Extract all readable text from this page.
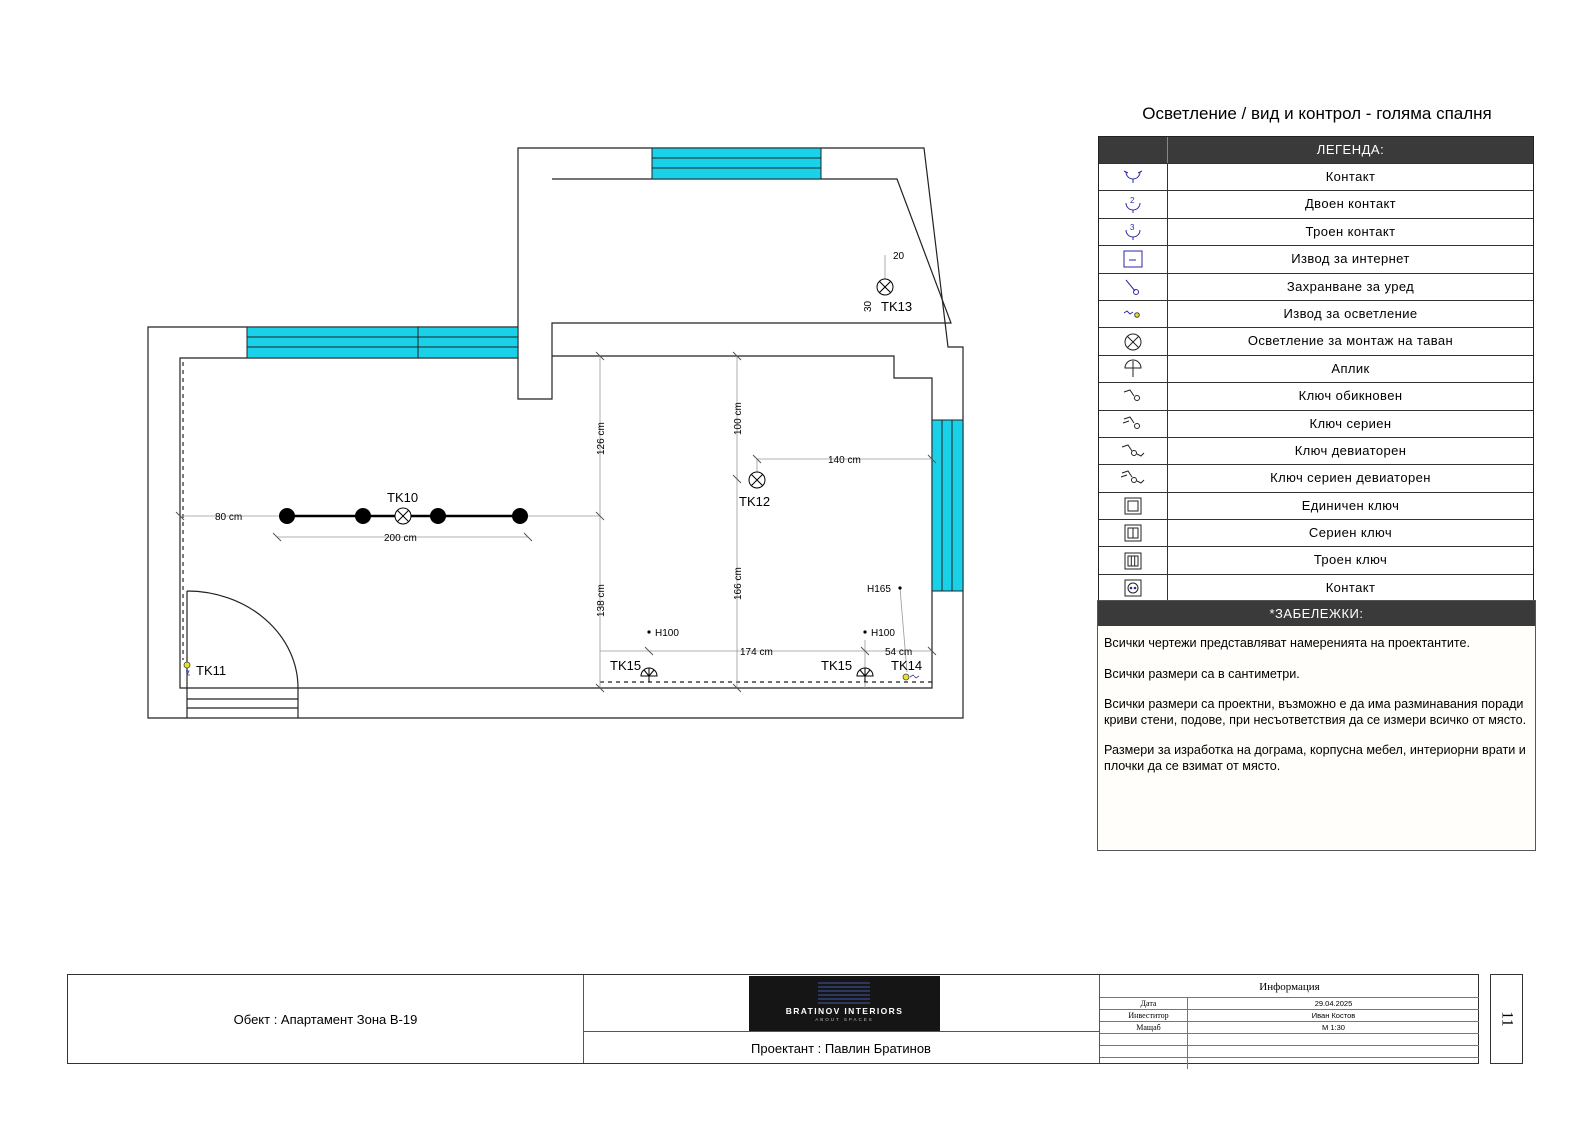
TK10
TK11
TK12
TK13
TK14
TK15	TK15
H165
H100	H100
80 cm
200 cm
140 cm
174 cm	54 cm
20
126 cm
138 cm
100 cm
166 cm
30
Осветление / вид и контрол - голяма спалня
ЛЕГЕНДА:
Контакт
2	Двоен контакт
3	Троен контакт
Извод за интернет
Захранване за уред
Извод за осветление
Осветление за монтаж на таван
Аплик
Ключ обикновен
Ключ сериен
Ключ девиаторен
Ключ сериен девиаторен
Единичен ключ
Сериен ключ
Троен ключ
Контакт
*ЗАБЕЛЕЖКИ:

Всички чертежи представляват намеренията на проектантите.

Всички размери са в сантиметри.

Всички размери са проектни, възможно е да има разминавания поради криви стени, подове, при несъответствия да се измери всичко от място.

Размери за изработка на дограма, корпусна мебел, интериорни врати и плочки да се взимат от място.

Обект : Апартамент Зона В-19
BRATINOV INTERIORS
ABOUT SPACES
Проектант : Павлин Братинов
Информация
Дата	29.04.2025
Инвеститор	Иван Костов
Мащаб	М 1:30
11
